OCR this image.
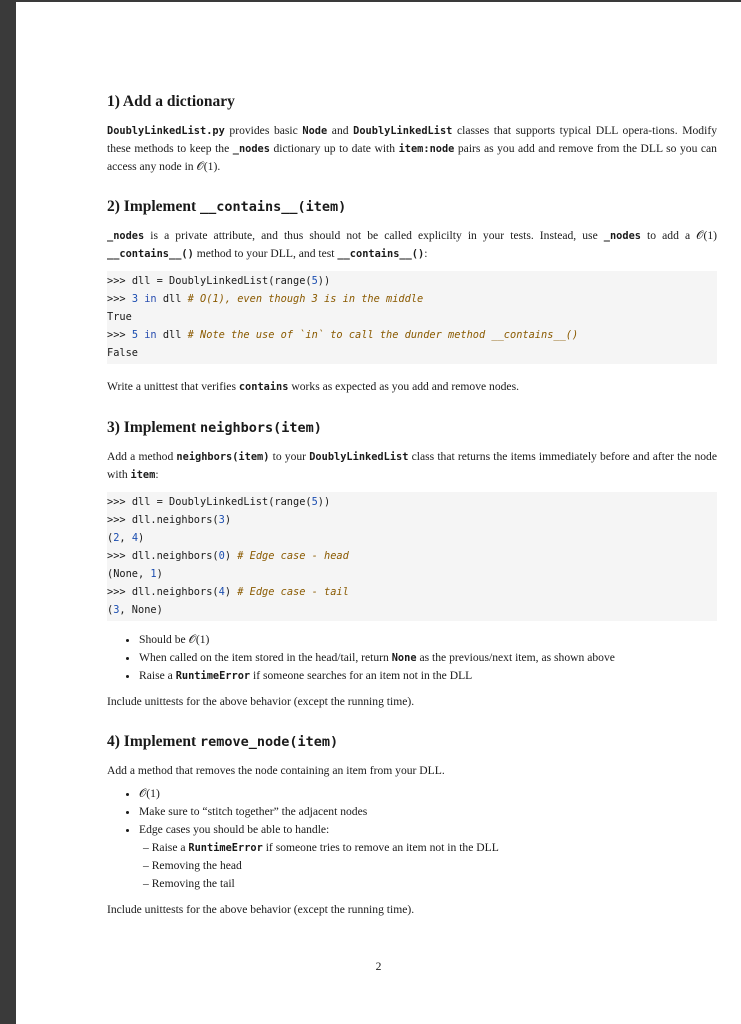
1) Add a dictionary

DoublyLinkedList.py provides basic Node and DoublyLinkedList classes that supports typical DLL opera-tions. Modify these methods to keep the _nodes dictionary up to date with item:node pairs as you add and remove from the DLL so you can access any node in 𝒪(1).

2) Implement __contains__(item)

_nodes is a private attribute, and thus should not be called explicilty in your tests. Instead, use _nodes to add a 𝒪(1) __contains__() method to your DLL, and test __contains__():

>>> dll = DoublyLinkedList(range(5))
>>> 3 in dll # O(1), even though 3 is in the middle
True
>>> 5 in dll # Note the use of `in` to call the dunder method __contains__()
False

Write a unittest that verifies contains works as expected as you add and remove nodes.

3) Implement neighbors(item)

Add a method neighbors(item) to your DoublyLinkedList class that returns the items immediately before and after the node with item:

>>> dll = DoublyLinkedList(range(5))
>>> dll.neighbors(3)
(2, 4)
>>> dll.neighbors(0) # Edge case - head
(None, 1)
>>> dll.neighbors(4) # Edge case - tail
(3, None)
• Should be 𝒪(1)
• When called on the item stored in the head/tail, return None as the previous/next item, as shown above
• Raise a RuntimeError if someone searches for an item not in the DLL

Include unittests for the above behavior (except the running time).

4) Implement remove_node(item)

Add a method that removes the node containing an item from your DLL.

• 𝒪(1)
• Make sure to “stitch together” the adjacent nodes
• Edge cases you should be able to handle:
– Raise a RuntimeError if someone tries to remove an item not in the DLL
– Removing the head
– Removing the tail

Include unittests for the above behavior (except the running time).

2
